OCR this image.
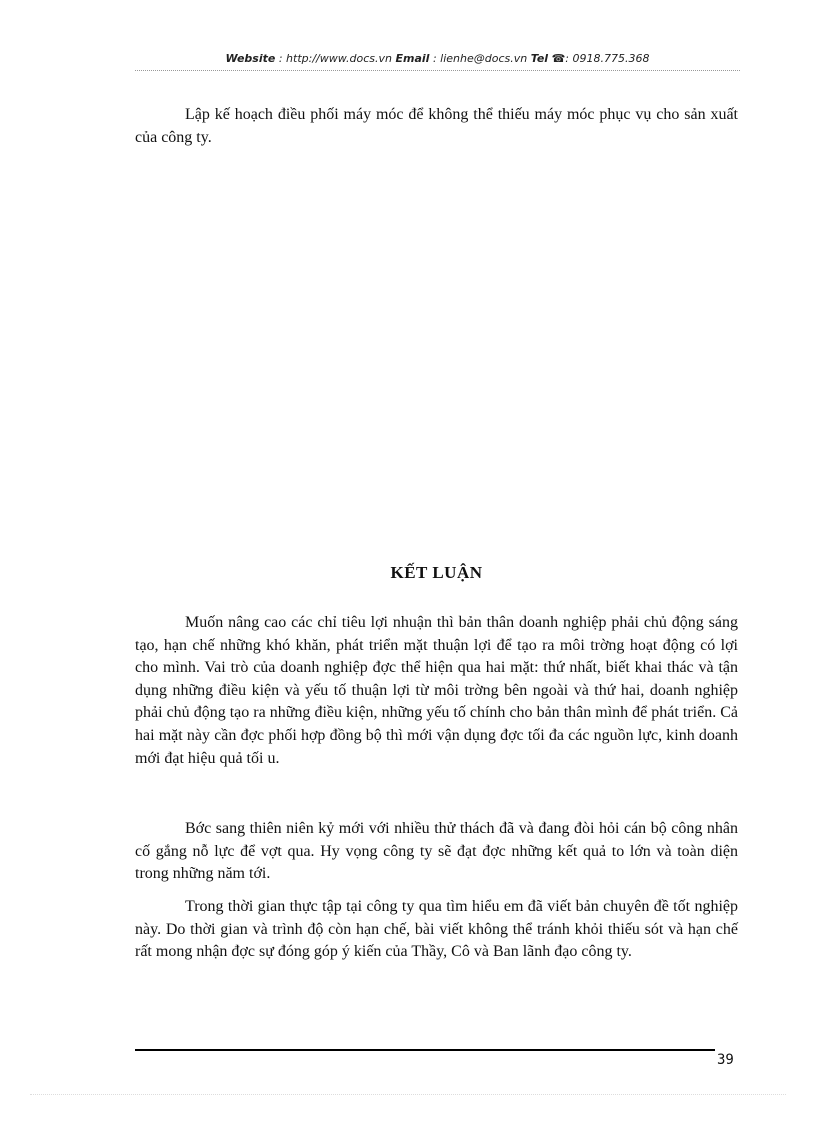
Website : http://www.docs.vn Email : lienhe@docs.vn Tel ☎: 0918.775.368

Lập kế hoạch điều phối máy móc để không thể thiếu máy móc phục vụ cho sản xuất của công ty.

KẾT LUẬN

Muốn nâng cao các chỉ tiêu lợi nhuận thì bản thân doanh nghiệp phải chủ động sáng tạo, hạn chế những khó khăn, phát triển mặt thuận lợi để tạo ra môi trờng hoạt động có lợi cho mình. Vai trò của doanh nghiệp đợc thể hiện qua hai mặt: thứ nhất, biết khai thác và tận dụng những điều kiện và yếu tố thuận lợi từ môi trờng bên ngoài và thứ hai, doanh nghiệp phải chủ động tạo ra những điều kiện, những yếu tố chính cho bản thân mình để phát triển. Cả hai mặt này cần đợc phối hợp đồng bộ thì mới vận dụng đợc tối đa các nguồn lực, kinh doanh mới đạt hiệu quả tối u.

Bớc sang thiên niên kỷ mới với nhiều thử thách đã và đang đòi hỏi cán bộ công nhân cố gắng nỗ lực để vợt qua. Hy vọng công ty sẽ đạt đợc những kết quả to lớn và toàn diện trong những năm tới.

Trong thời gian thực tập tại công ty qua tìm hiểu em đã viết bản chuyên đề tốt nghiệp này. Do thời gian và trình độ còn hạn chế, bài viết không thể tránh khỏi thiếu sót và hạn chế rất mong nhận đợc sự đóng góp ý kiến của Thầy, Cô và Ban lãnh đạo công ty.

39
